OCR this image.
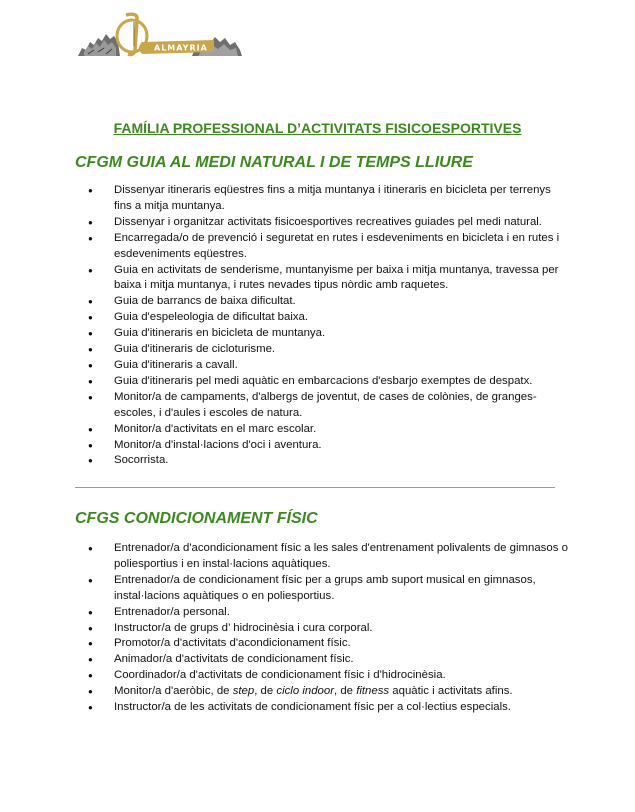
ALMAYRIA
FAMÍLIA PROFESSIONAL D’ACTIVITATS FISICOESPORTIVES
CFGM GUIA AL MEDI NATURAL I DE TEMPS LLIURE
● Dissenyar itineraris eqüestres fins a mitja muntanya i itineraris en bicicleta per terrenys fins a mitja muntanya.
● Dissenyar i organitzar activitats fisicoesportives recreatives guiades pel medi natural.
● Encarregada/o de prevenció i seguretat en rutes i esdeveniments en bicicleta i en rutes i esdeveniments eqüestres.
● Guia en activitats de senderisme, muntanyisme per baixa i mitja muntanya, travessa per baixa i mitja muntanya, i rutes nevades tipus nòrdic amb raquetes.
● Guia de barrancs de baixa dificultat.
● Guia d'espeleologia de dificultat baixa.
● Guia d'itineraris en bicicleta de muntanya.
● Guia d'itineraris de cicloturisme.
● Guia d'itineraris a cavall.
● Guia d'itineraris pel medi aquàtic en embarcacions d'esbarjo exemptes de despatx.
● Monitor/a de campaments, d'albergs de joventut, de cases de colònies, de granges-escoles, i d'aules i escoles de natura.
● Monitor/a d'activitats en el marc escolar.
● Monitor/a d'instal·lacions d'oci i aventura.
● Socorrista.
CFGS CONDICIONAMENT FÍSIC
● Entrenador/a d'acondicionament físic a les sales d'entrenament polivalents de gimnasos o poliesportius i en instal·lacions aquàtiques.
● Entrenador/a de condicionament físic per a grups amb suport musical en gimnasos, instal·lacions aquàtiques o en poliesportius.
● Entrenador/a personal.
● Instructor/a de grups d’ hidrocinèsia i cura corporal.
● Promotor/a d'activitats d'acondicionament físic.
● Animador/a d'activitats de condicionament físic.
● Coordinador/a d'activitats de condicionament físic i d'hidrocinèsia.
● Monitor/a d'aeròbic, de step, de ciclo indoor, de fitness aquàtic i activitats afins.
● Instructor/a de les activitats de condicionament físic per a col·lectius especials.
